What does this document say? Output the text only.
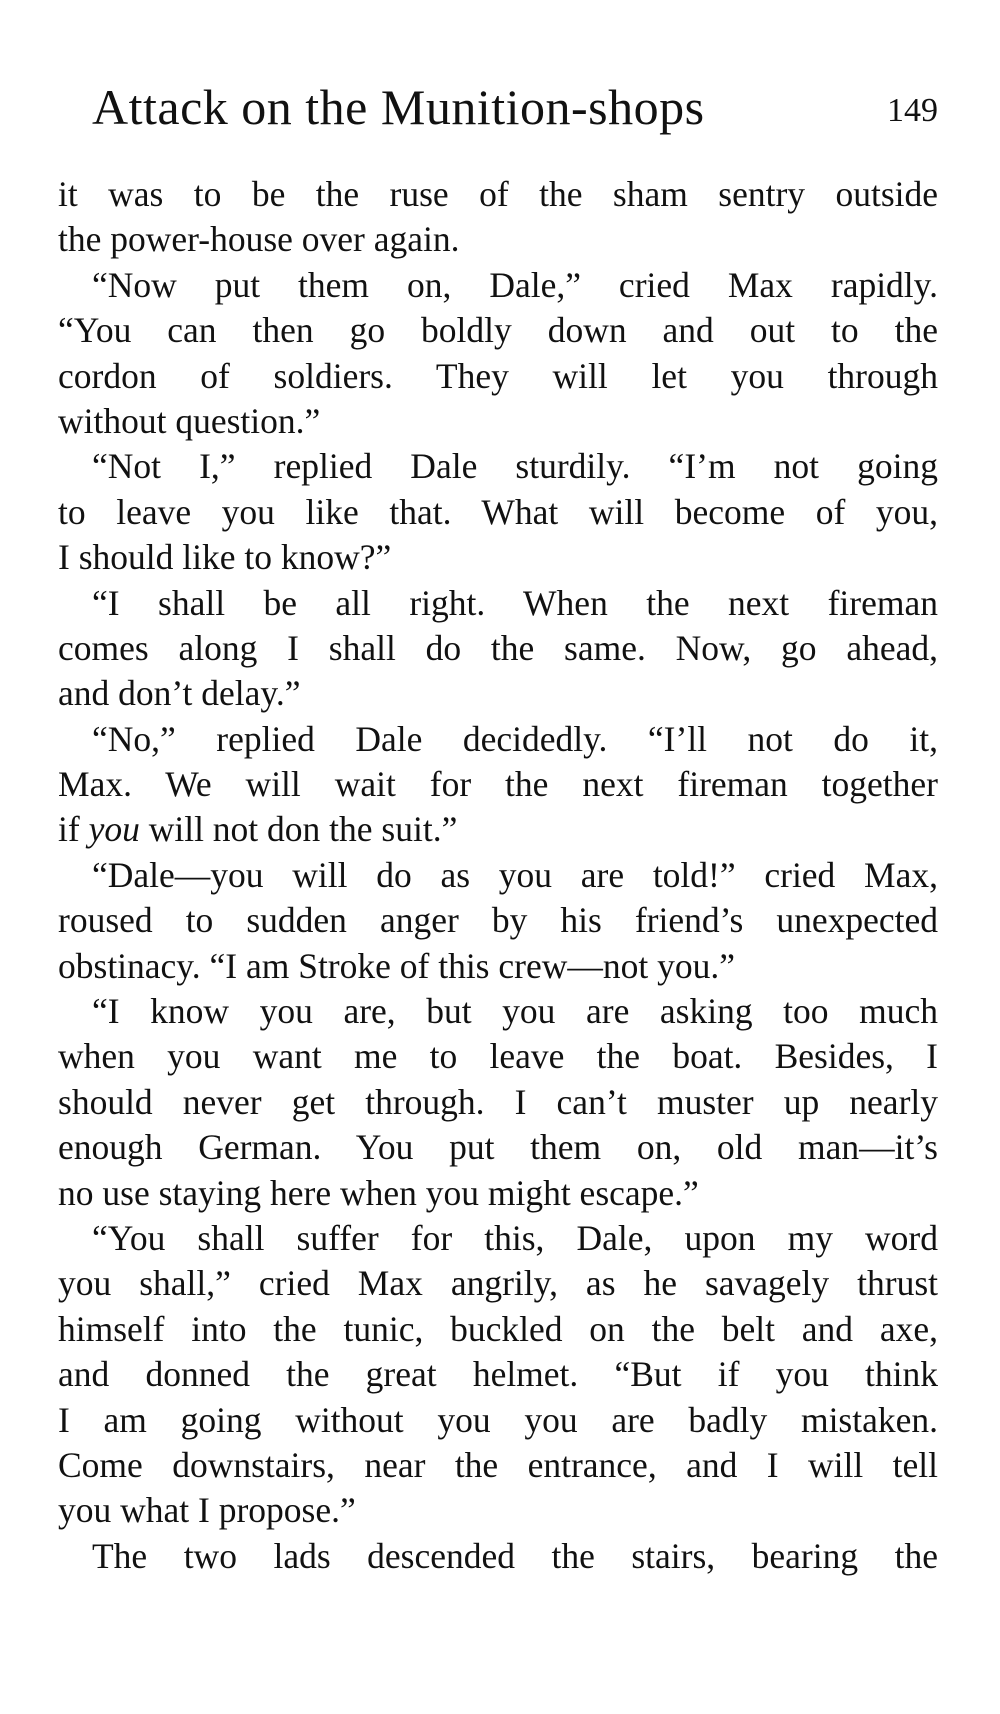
Attack on the Munition-shops	149
it was to be the ruse of the sham sentry outside
the power-house over again.
“Now put them on, Dale,” cried Max rapidly.
“You can then go boldly down and out to the
cordon of soldiers. They will let you through
without question.”
“Not I,” replied Dale sturdily. “I’m not going
to leave you like that. What will become of you,
I should like to know?”
“I shall be all right. When the next fireman
comes along I shall do the same. Now, go ahead,
and don’t delay.”
“No,” replied Dale decidedly. “I’ll not do it,
Max. We will wait for the next fireman together
if you will not don the suit.”
“Dale—you will do as you are told!” cried Max,
roused to sudden anger by his friend’s unexpected
obstinacy. “I am Stroke of this crew—not you.”
“I know you are, but you are asking too much
when you want me to leave the boat. Besides, I
should never get through. I can’t muster up nearly
enough German. You put them on, old man—it’s
no use staying here when you might escape.”
“You shall suffer for this, Dale, upon my word
you shall,” cried Max angrily, as he savagely thrust
himself into the tunic, buckled on the belt and axe,
and donned the great helmet. “But if you think
I am going without you you are badly mistaken.
Come downstairs, near the entrance, and I will tell
you what I propose.”
The two lads descended the stairs, bearing the
